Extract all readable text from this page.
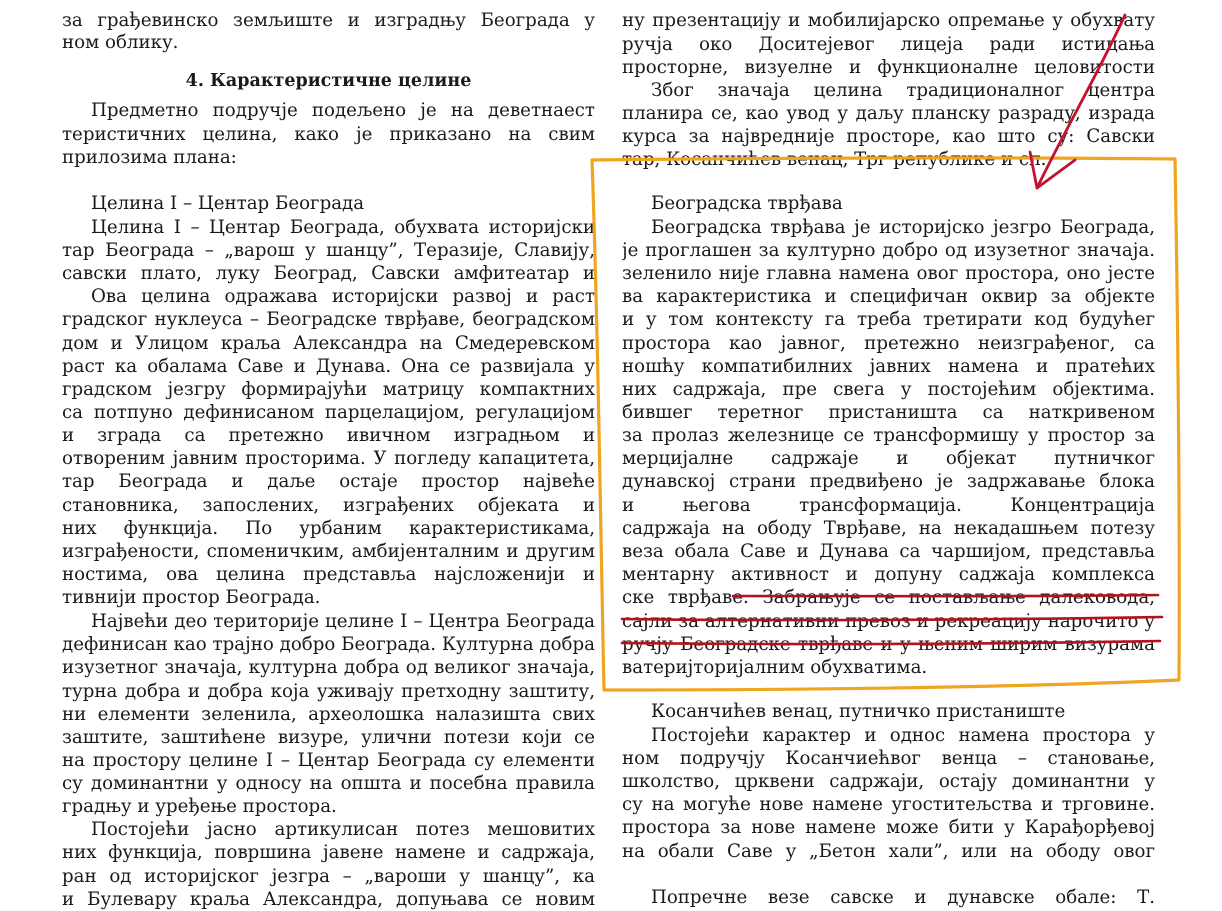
за грађевинско земљиште и изградњу Београда у
ном облику.
4. Карактеристичне целине
Предметно подручје подељено је на деветнаест
теристичних целина, како је приказано на свим
прилозима плана:
Целина I – Центар Београда
Целина I – Центар Београда, обухвата историјски
тар Београда – „варош у шанцу”, Теразије, Славију,
савски плато, луку Београд, Савски амфитеатар и
Ова целина одражава историјски развој и раст
градског нуклеуса – Београдске тврђаве, београдском
дом и Улицом краља Александра на Смедеревском
раст ка обалама Саве и Дунава. Она се развијала у
градском језгру формирајући матрицу компактних
са потпуно дефинисаном парцелацијом, регулацијом
и зграда са претежно ивичном изградњом и
отвореним јавним просторима. У погледу капацитета,
тар Београда и даље остаје простор највеће
становника, запослених, изграђених објеката и
них функција. По урбаним карактеристикама,
изграђености, споменичким, амбијенталним и другим
ностима, ова целина представља најсложенији и
тивнији простор Београда.
Највећи део територије целине I – Центра Београда
дефинисан као трајно добро Београда. Културна добра
изузетног значаја, културна добра од великог значаја,
турна добра и добра која уживају претходну заштиту,
ни елементи зеленила, археолошка налазишта свих
заштите, заштићене визуре, улични потези који се
на простору целине I – Центар Београда су елементи
су доминантни у односу на општа и посебна правила
градњу и уређење простора.
Постојећи јасно артикулисан потез мешовитих
них функција, површина јавене намене и садржаја,
ран од историјског језгра – „вароши у шанцу”, ка
и Булевару краља Александра, допуњава се новим
ну презентацију и мобилијарско опремање у обухвату
ручја око Доситејевог лицеја ради истицања
просторне, визуелне и функционалне целовитости
Због значаја целина традиционалног центра
планира се, као увод у даљу планску разраду, израда
курса за највредније просторе, као што су: Савски
тар, Косанчићев венац, Трг републике и сл.
Београдска тврђава
Београдска тврђава је историјско језгро Београда,
је проглашен за културно добро од изузетног значаја.
зеленило није главна намена овог простора, оно јесте
ва карактеристика и специфичан оквир за објекте
и у том контексту га треба третирати код будућег
простора као јавног, претежно неизграђеног, са
ношћу компатибилних јавних намена и пратећих
них садржаја, пре свега у постојећим објектима.
бившег теретног пристаништа са наткривеном
за пролаз железнице се трансформишу у простор за
мерцијалне садржаје и објекат путничког
дунавској страни предвиђено је задржавање блока
и његова трансформација. Концентрација
садржаја на ободу Тврђаве, на некадашњем потезу
веза обала Саве и Дунава са чаршијом, представља
ментарну активност и допуну саджаја комплекса
ске тврђаве. Забрањује се постављање далековода,
сајли за алтернативни превоз и рекреацију нарочито у
ручју Београдске тврђаве и у њеним ширим визурама
ватеријторијалним обухватима.
Косанчићев венац, путничко пристаниште
Постојећи карактер и однос намена простора у
ном подручју Косанчиећвог венца – становање,
школство, црквени садржаји, остају доминантни у
су на могуће нове намене угоститељства и трговине.
простора за нове намене може бити у Карађорђевој
на обали Саве у „Бетон хали”, или на ободу овог
Попречне везе савске и дунавске обале: Т.
